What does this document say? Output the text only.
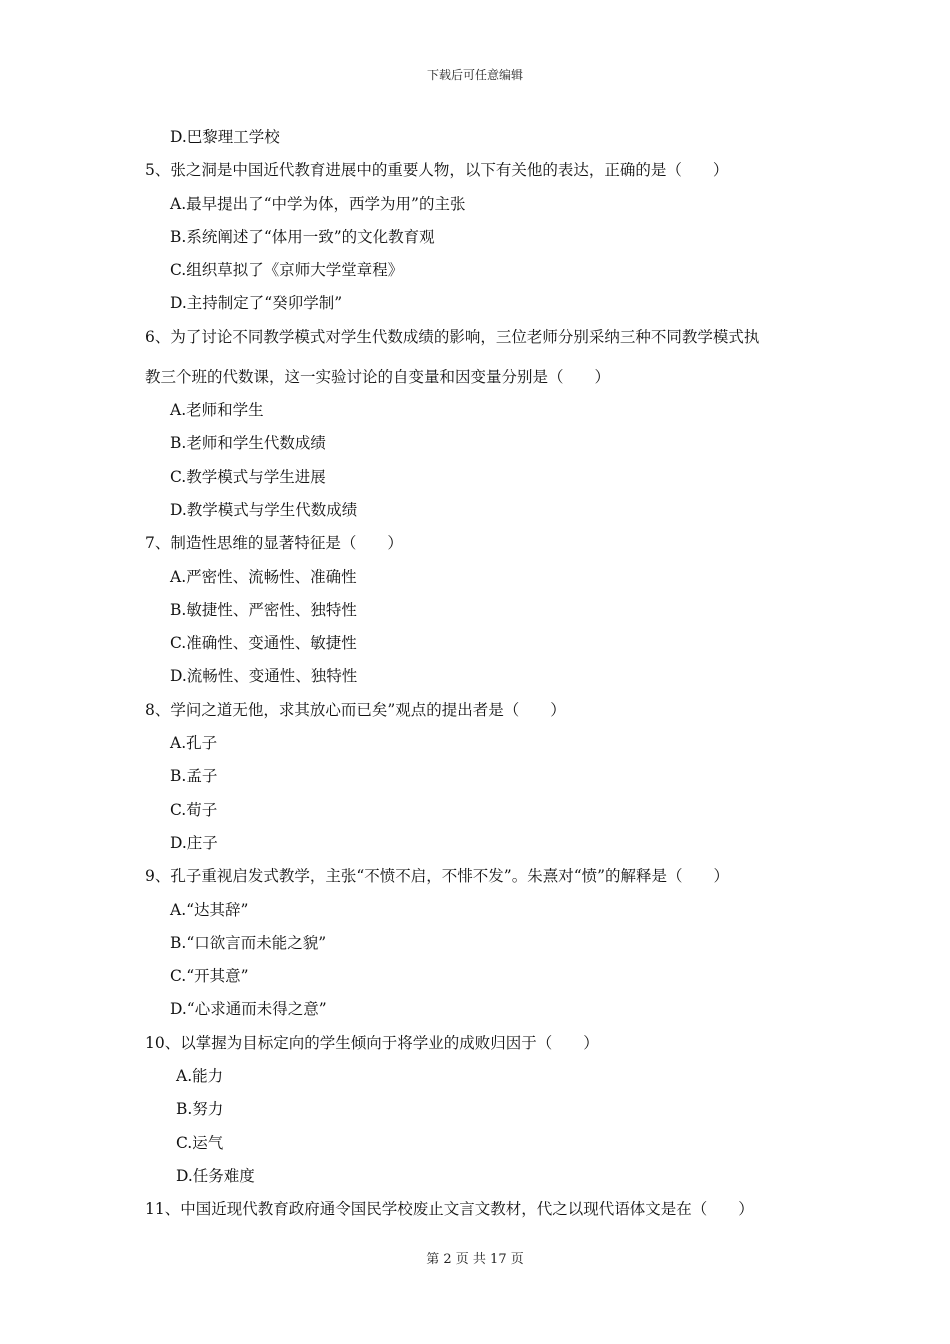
下载后可任意编辑
D.巴黎理工学校
5、张之洞是中国近代教育进展中的重要人物，以下有关他的表达，正确的是（　　）
A.最早提出了“中学为体，西学为用”的主张
B.系统阐述了“体用一致”的文化教育观
C.组织草拟了《京师大学堂章程》
D.主持制定了“癸卯学制”
6、为了讨论不同教学模式对学生代数成绩的影响，三位老师分别采纳三种不同教学模式执
教三个班的代数课，这一实验讨论的自变量和因变量分别是（　　）
A.老师和学生
B.老师和学生代数成绩
C.教学模式与学生进展
D.教学模式与学生代数成绩
7、制造性思维的显著特征是（　　）
A.严密性、流畅性、准确性
B.敏捷性、严密性、独特性
C.准确性、变通性、敏捷性
D.流畅性、变通性、独特性
8、学问之道无他，求其放心而已矣”观点的提出者是（　　）
A.孔子
B.孟子
C.荀子
D.庄子
9、孔子重视启发式教学，主张“不愤不启，不悱不发”。朱熹对“愤”的解释是（　　）
A.“达其辞”
B.“口欲言而未能之貌”
C.“开其意”
D.“心求通而未得之意”
10、以掌握为目标定向的学生倾向于将学业的成败归因于（　　）
A.能力
B.努力
C.运气
D.任务难度
11、中国近现代教育政府通令国民学校废止文言文教材，代之以现代语体文是在（　　）
第 2 页 共 17 页
